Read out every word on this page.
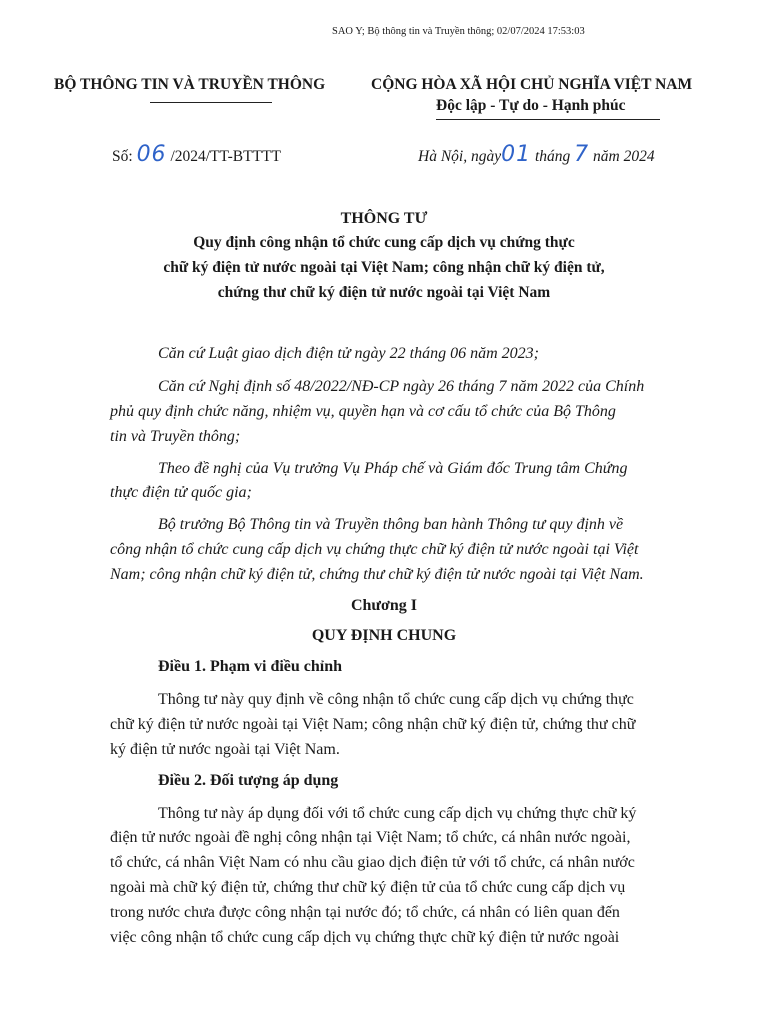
SAO Y; Bộ thông tin và Truyền thông; 02/07/2024 17:53:03
BỘ THÔNG TIN VÀ TRUYỀN THÔNG	CỘNG HÒA XÃ HỘI CHỦ NGHĨA VIỆT NAM
Độc lập - Tự do - Hạnh phúc
Số: 06 /2024/TT-BTTTT	Hà Nội, ngày01 tháng 7 năm 2024
THÔNG TƯ
Quy định công nhận tổ chức cung cấp dịch vụ chứng thực
chữ ký điện tử nước ngoài tại Việt Nam; công nhận chữ ký điện tử,
chứng thư chữ ký điện tử nước ngoài tại Việt Nam
Căn cứ Luật giao dịch điện tử ngày 22 tháng 06 năm 2023;
Căn cứ Nghị định số 48/2022/NĐ-CP ngày 26 tháng 7 năm 2022 của Chính
phủ quy định chức năng, nhiệm vụ, quyền hạn và cơ cấu tổ chức của Bộ Thông
tin và Truyền thông;
Theo đề nghị của Vụ trưởng Vụ Pháp chế và Giám đốc Trung tâm Chứng
thực điện tử quốc gia;
Bộ trưởng Bộ Thông tin và Truyền thông ban hành Thông tư quy định về
công nhận tổ chức cung cấp dịch vụ chứng thực chữ ký điện tử nước ngoài tại Việt
Nam; công nhận chữ ký điện tử, chứng thư chữ ký điện tử nước ngoài tại Việt Nam.
Chương I
QUY ĐỊNH CHUNG
Điều 1. Phạm vi điều chỉnh
Thông tư này quy định về công nhận tổ chức cung cấp dịch vụ chứng thực
chữ ký điện tử nước ngoài tại Việt Nam; công nhận chữ ký điện tử, chứng thư chữ
ký điện tử nước ngoài tại Việt Nam.
Điều 2. Đối tượng áp dụng
Thông tư này áp dụng đối với tổ chức cung cấp dịch vụ chứng thực chữ ký
điện tử nước ngoài đề nghị công nhận tại Việt Nam; tổ chức, cá nhân nước ngoài,
tổ chức, cá nhân Việt Nam có nhu cầu giao dịch điện tử với tổ chức, cá nhân nước
ngoài mà chữ ký điện tử, chứng thư chữ ký điện tử của tổ chức cung cấp dịch vụ
trong nước chưa được công nhận tại nước đó; tổ chức, cá nhân có liên quan đến
việc công nhận tổ chức cung cấp dịch vụ chứng thực chữ ký điện tử nước ngoài
